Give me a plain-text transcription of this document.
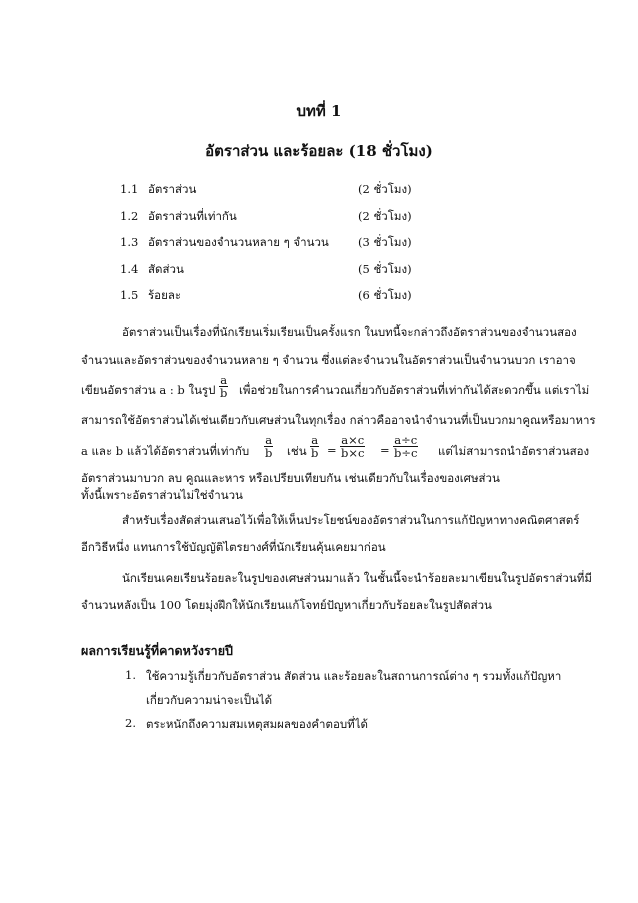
บทที่ 1
อัตราส่วน และร้อยละ (18 ชั่วโมง)
1.1 อัตราส่วน	(2 ชั่วโมง)
1.2 อัตราส่วนที่เท่ากัน	(2 ชั่วโมง)
1.3 อัตราส่วนของจำนวนหลาย ๆ จำนวน	(3 ชั่วโมง)
1.4 สัดส่วน	(5 ชั่วโมง)
1.5 ร้อยละ	(6 ชั่วโมง)
อัตราส่วนเป็นเรื่องที่นักเรียนเริ่มเรียนเป็นครั้งแรก ในบทนี้จะกล่าวถึงอัตราส่วนของจำนวนสอง
จำนวนและอัตราส่วนของจำนวนหลาย ๆ จำนวน ซึ่งแต่ละจำนวนในอัตราส่วนเป็นจำนวนบวก เราอาจ
เขียนอัตราส่วน a : b ในรูป $\frac{a}{b}$ เพื่อช่วยในการคำนวณเกี่ยวกับอัตราส่วนที่เท่ากันได้สะดวกขึ้น แต่เราไม่
สามารถใช้อัตราส่วนได้เช่นเดียวกับเศษส่วนในทุกเรื่อง กล่าวคืออาจนำจำนวนที่เป็นบวกมาคูณหรือมาหาร
a และ b แล้วได้อัตราส่วนที่เท่ากับ $\frac{a}{b}$ เช่น $\frac{a}{b} = \frac{a\times c}{b\times c} = \frac{a\div c}{b\div c}$ แต่ไม่สามารถนำอัตราส่วนสอง
อัตราส่วนมาบวก ลบ คูณและหาร หรือเปรียบเทียบกัน เช่นเดียวกับในเรื่องของเศษส่วน
ทั้งนี้เพราะอัตราส่วนไม่ใช่จำนวน
สำหรับเรื่องสัดส่วนเสนอไว้เพื่อให้เห็นประโยชน์ของอัตราส่วนในการแก้ปัญหาทางคณิตศาสตร์
อีกวิธีหนึ่ง แทนการใช้บัญญัติไตรยางศ์ที่นักเรียนคุ้นเคยมาก่อน
นักเรียนเคยเรียนร้อยละในรูปของเศษส่วนมาแล้ว ในชั้นนี้จะนำร้อยละมาเขียนในรูปอัตราส่วนที่มี
จำนวนหลังเป็น 100 โดยมุ่งฝึกให้นักเรียนแก้โจทย์ปัญหาเกี่ยวกับร้อยละในรูปสัดส่วน
ผลการเรียนรู้ที่คาดหวังรายปี
1. ใช้ความรู้เกี่ยวกับอัตราส่วน สัดส่วน และร้อยละในสถานการณ์ต่าง ๆ รวมทั้งแก้ปัญหา
เกี่ยวกับความน่าจะเป็นได้
2. ตระหนักถึงความสมเหตุสมผลของคำตอบที่ได้
